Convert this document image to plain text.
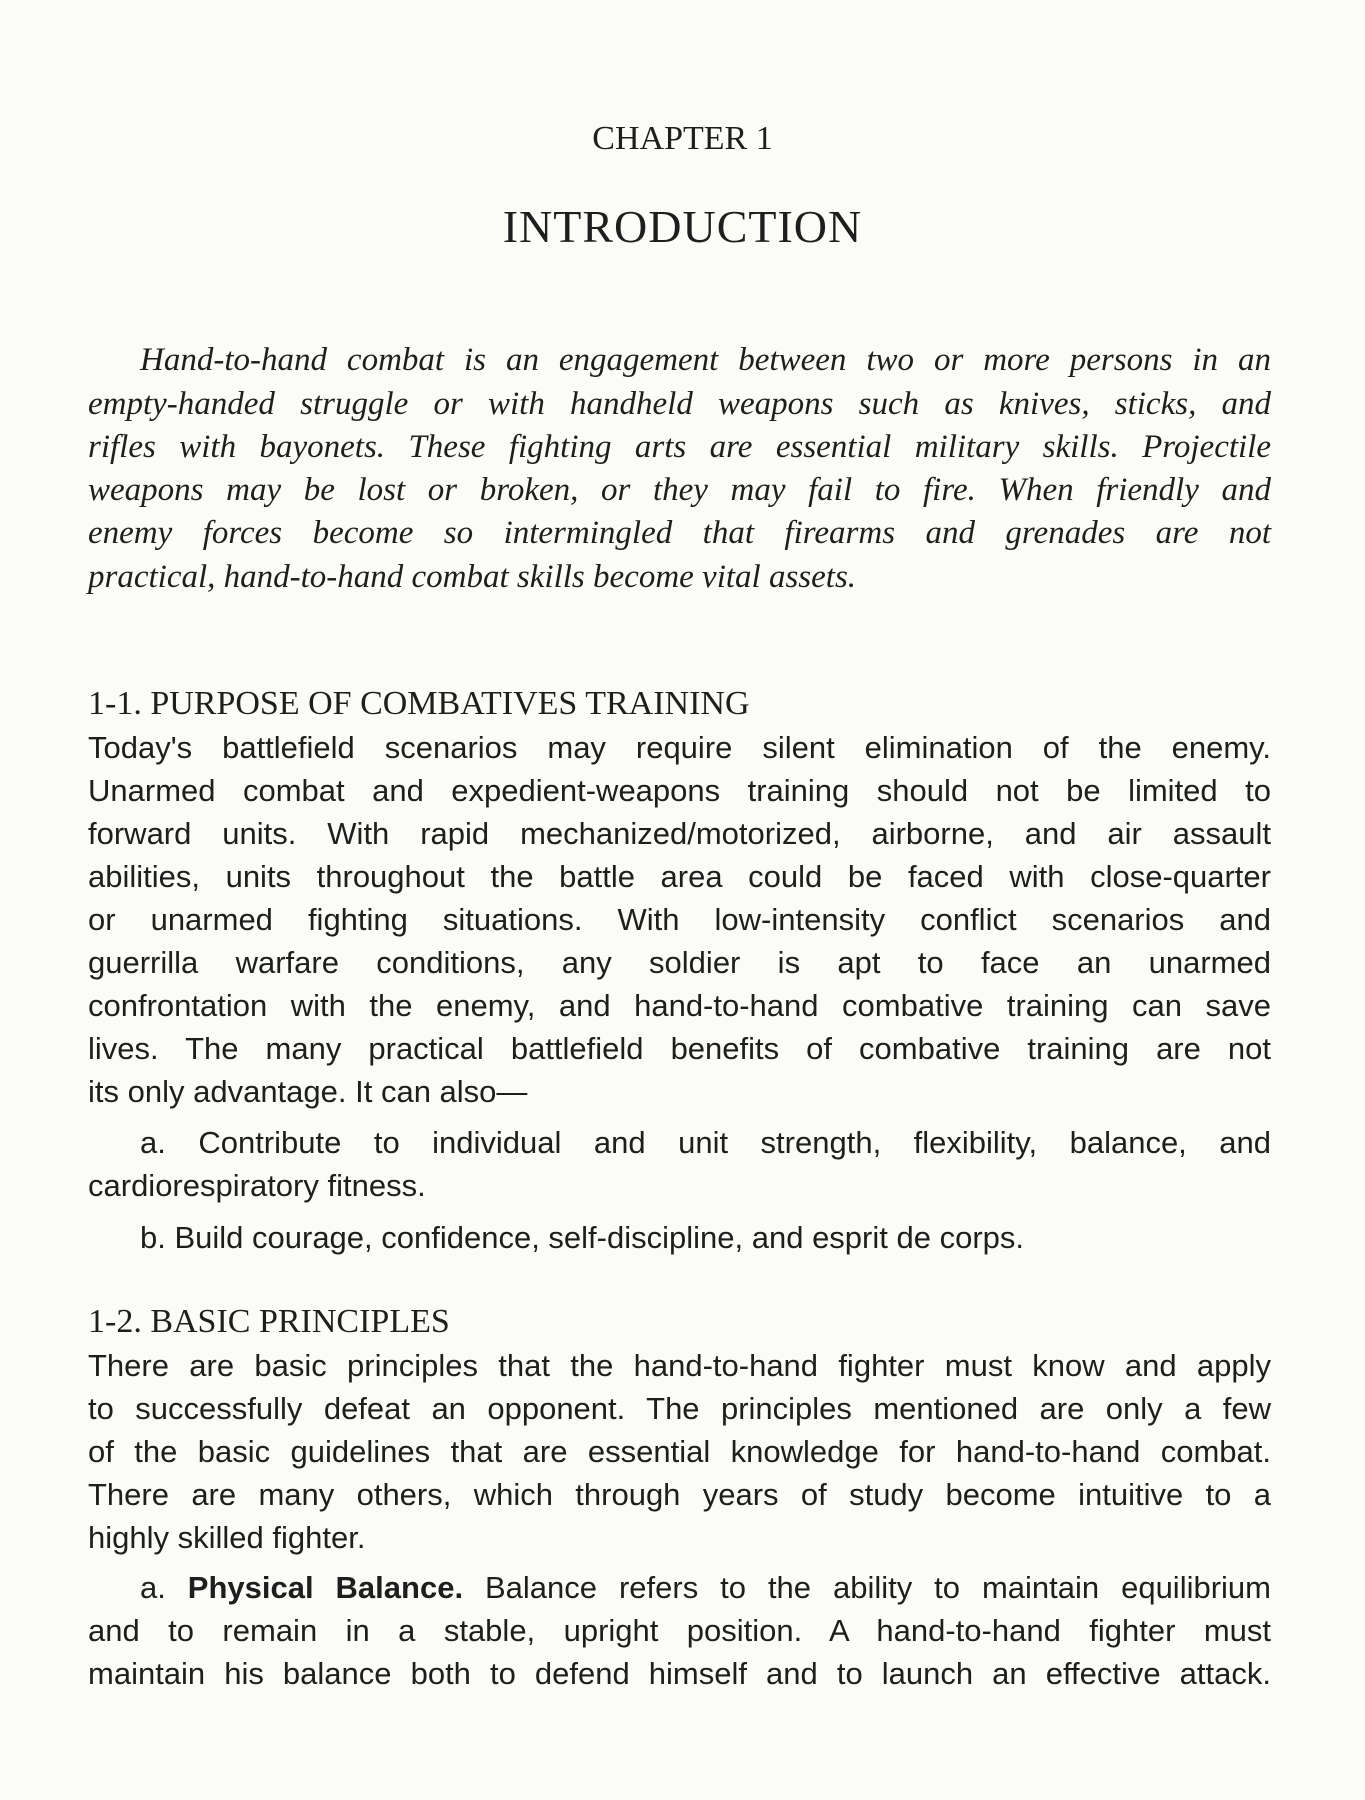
CHAPTER 1
INTRODUCTION
Hand-to-hand combat is an engagement between two or more persons in an
empty-handed struggle or with handheld weapons such as knives, sticks, and
rifles with bayonets. These fighting arts are essential military skills. Projectile
weapons may be lost or broken, or they may fail to fire. When friendly and
enemy forces become so intermingled that firearms and grenades are not
practical, hand-to-hand combat skills become vital assets.
1-1. PURPOSE OF COMBATIVES TRAINING
Today's battlefield scenarios may require silent elimination of the enemy.
Unarmed combat and expedient-weapons training should not be limited to
forward units. With rapid mechanized/motorized, airborne, and air assault
abilities, units throughout the battle area could be faced with close-quarter
or unarmed fighting situations. With low-intensity conflict scenarios and
guerrilla warfare conditions, any soldier is apt to face an unarmed
confrontation with the enemy, and hand-to-hand combative training can save
lives. The many practical battlefield benefits of combative training are not
its only advantage. It can also—
a. Contribute to individual and unit strength, flexibility, balance, and
cardiorespiratory fitness.
b. Build courage, confidence, self-discipline, and esprit de corps.
1-2. BASIC PRINCIPLES
There are basic principles that the hand-to-hand fighter must know and apply
to successfully defeat an opponent. The principles mentioned are only a few
of the basic guidelines that are essential knowledge for hand-to-hand combat.
There are many others, which through years of study become intuitive to a
highly skilled fighter.
a. Physical Balance. Balance refers to the ability to maintain equilibrium
and to remain in a stable, upright position. A hand-to-hand fighter must
maintain his balance both to defend himself and to launch an effective attack.
